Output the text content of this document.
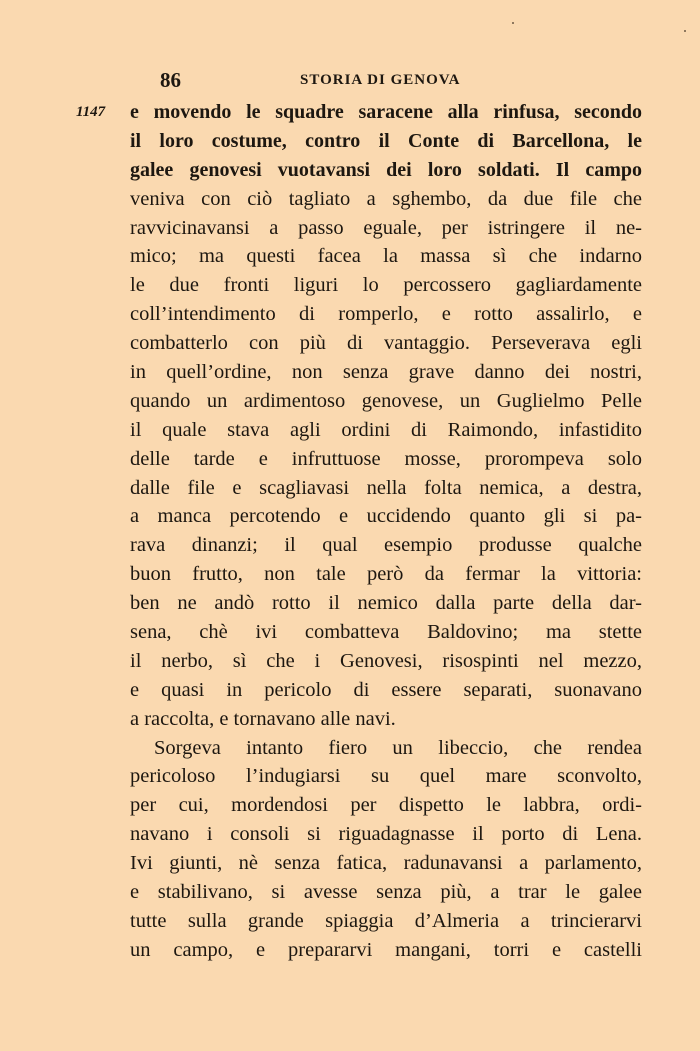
86	STORIA DI GENOVA
1147 e movendo le squadre saracene alla rinfusa, secondo
il loro costume, contro il Conte di Barcellona, le
galee genovesi vuotavansi dei loro soldati. Il campo
veniva con ciò tagliato a sghembo, da due file che
ravvicinavansi a passo eguale, per istringere il ne-
mico; ma questi facea la massa sì che indarno
le due fronti liguri lo percossero gagliardamente
coll’intendimento di romperlo, e rotto assalirlo, e
combatterlo con più di vantaggio. Perseverava egli
in quell’ordine, non senza grave danno dei nostri,
quando un ardimentoso genovese, un Guglielmo Pelle
il quale stava agli ordini di Raimondo, infastidito
delle tarde e infruttuose mosse, prorompeva solo
dalle file e scagliavasi nella folta nemica, a destra,
a manca percotendo e uccidendo quanto gli si pa-
rava dinanzi; il qual esempio produsse qualche
buon frutto, non tale però da fermar la vittoria:
ben ne andò rotto il nemico dalla parte della dar-
sena, chè ivi combatteva Baldovino; ma stette
il nerbo, sì che i Genovesi, risospinti nel mezzo,
e quasi in pericolo di essere separati, suonavano
a raccolta, e tornavano alle navi.
Sorgeva intanto fiero un libeccio, che rendea
pericoloso l’indugiarsi su quel mare sconvolto,
per cui, mordendosi per dispetto le labbra, ordi-
navano i consoli si riguadagnasse il porto di Lena.
Ivi giunti, nè senza fatica, radunavansi a parlamento,
e stabilivano, si avesse senza più, a trar le galee
tutte sulla grande spiaggia d’Almeria a trincierarvi
un campo, e prepararvi mangani, torri e castelli
